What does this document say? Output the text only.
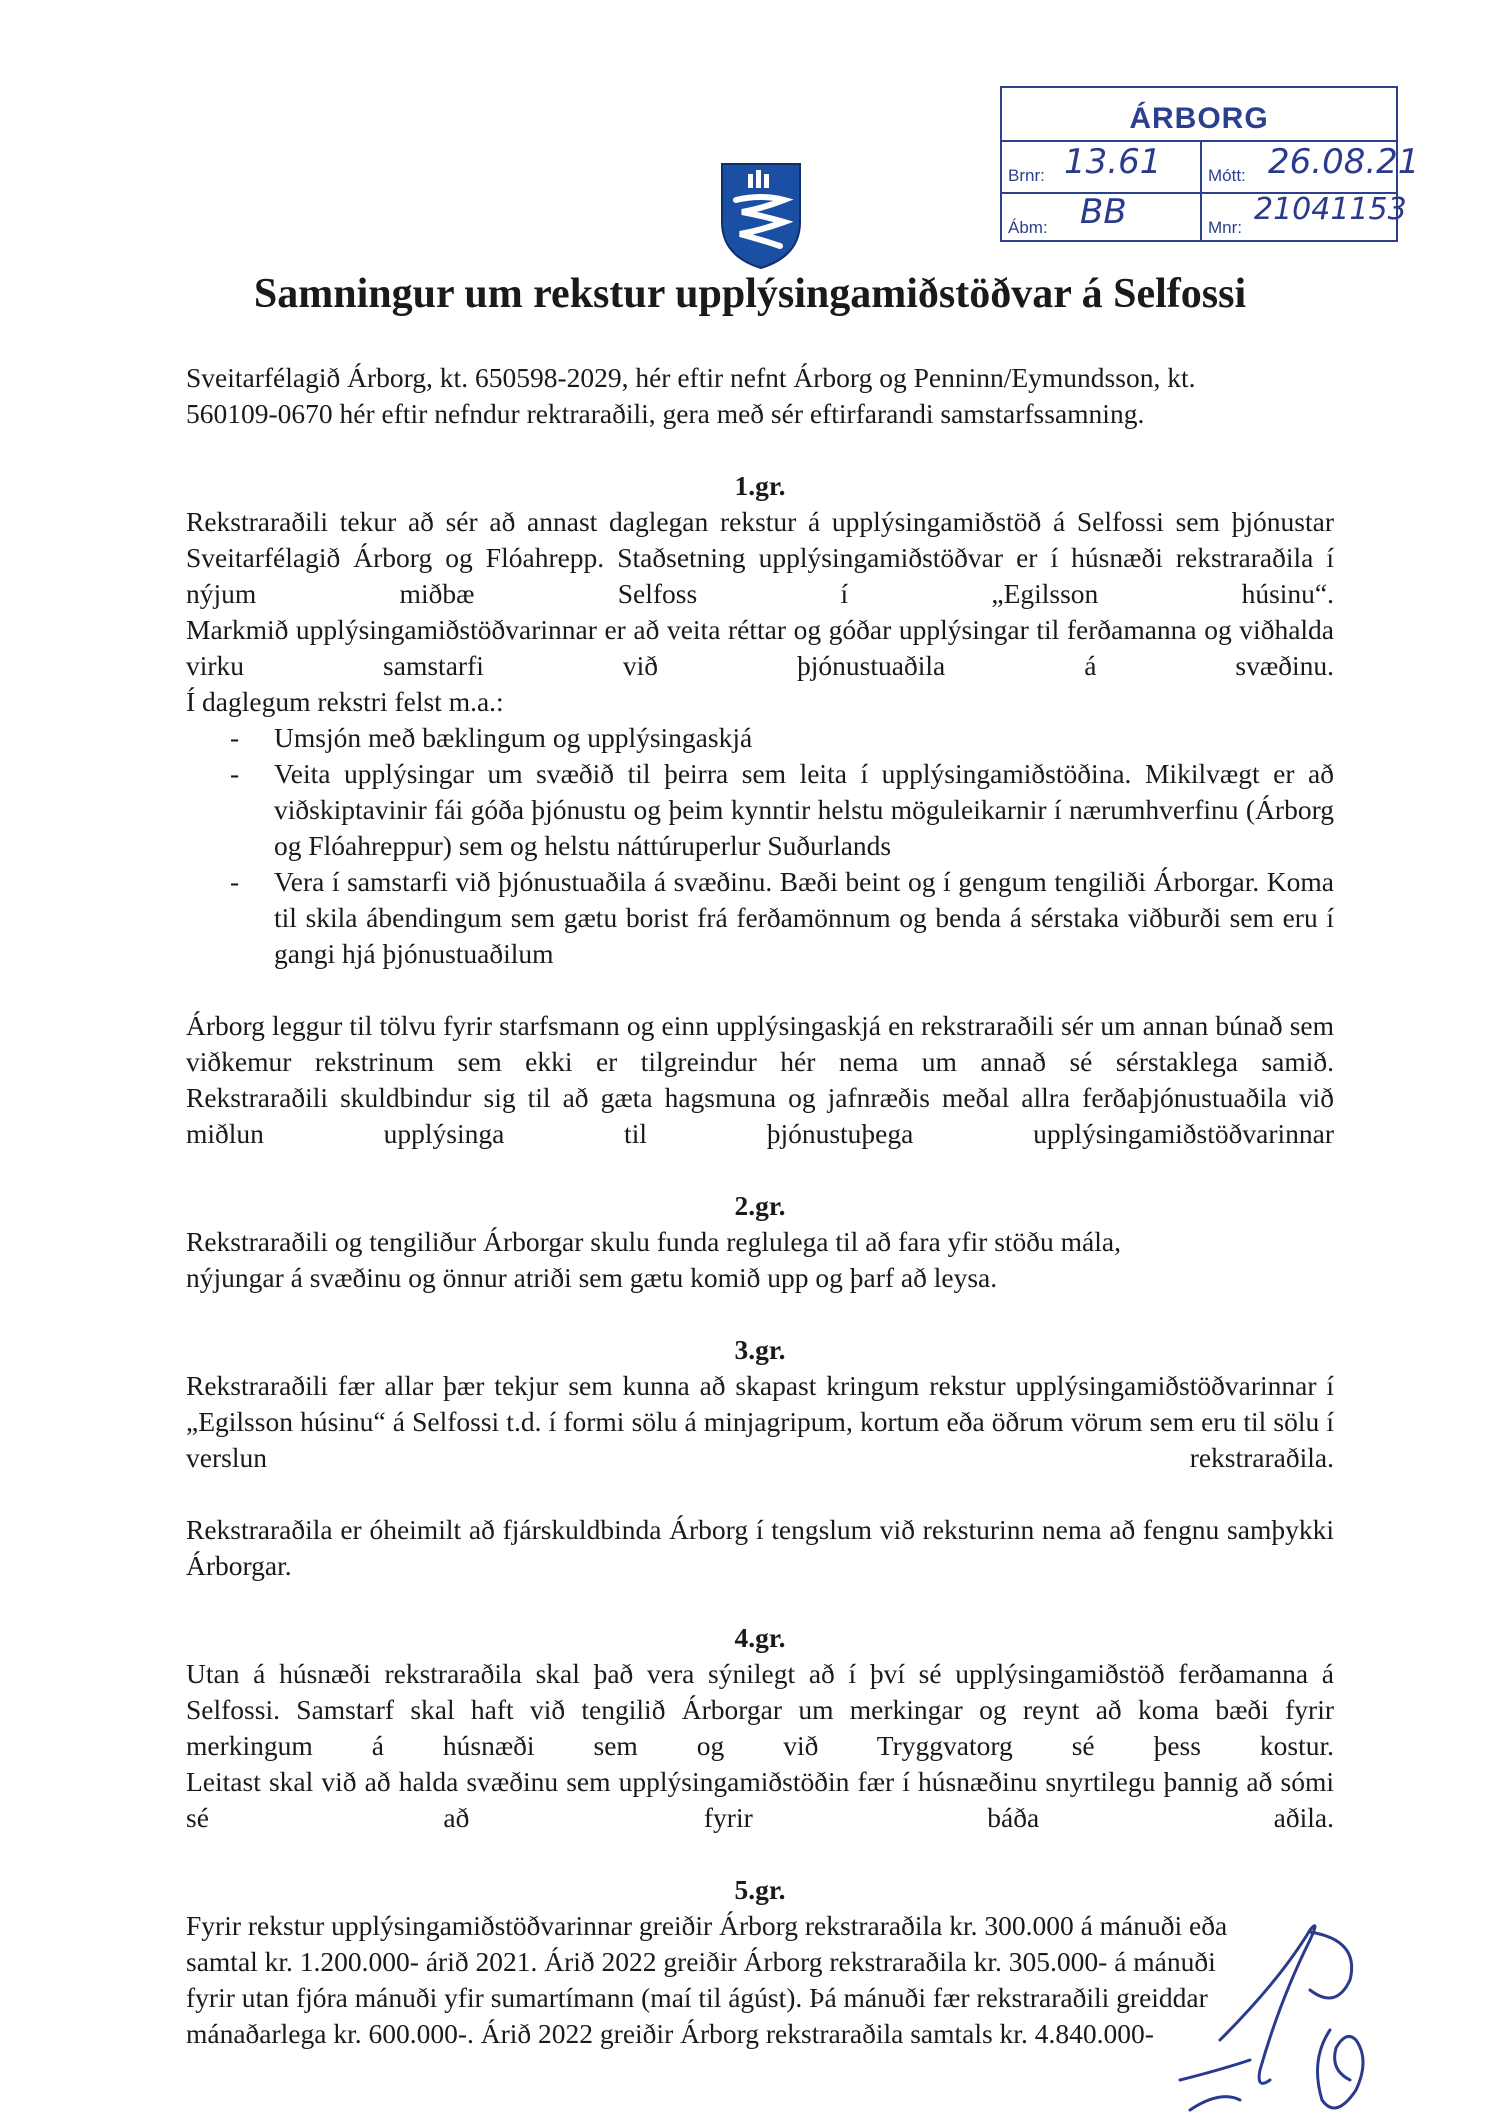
ÁRBORG
Brnr: 13.61	Mótt: 26.08.21
Ábm: BB	Mnr:
21041153
Samningur um rekstur upplýsingamiðstöðvar á Selfossi

Sveitarfélagið Árborg, kt. 650598-2029, hér eftir nefnt Árborg og Penninn/Eymundsson, kt.

560109-0670 hér eftir nefndur rektraraðili, gera með sér eftirfarandi samstarfssamning.

1.gr.

Rekstraraðili tekur að sér að annast daglegan rekstur á upplýsingamiðstöð á Selfossi sem þjónustar Sveitarfélagið Árborg og Flóahrepp. Staðsetning upplýsingamiðstöðvar er í húsnæði rekstraraðila í nýjum miðbæ Selfoss í „Egilsson húsinu“.

Markmið upplýsingamiðstöðvarinnar er að veita réttar og góðar upplýsingar til ferðamanna og viðhalda virku samstarfi við þjónustuaðila á svæðinu.

Í daglegum rekstri felst m.a.:

- Umsjón með bæklingum og upplýsingaskjá
- Veita upplýsingar um svæðið til þeirra sem leita í upplýsingamiðstöðina. Mikilvægt er að viðskiptavinir fái góða þjónustu og þeim kynntir helstu möguleikarnir í nærumhverfinu (Árborg og Flóahreppur) sem og helstu náttúruperlur Suðurlands
- Vera í samstarfi við þjónustuaðila á svæðinu. Bæði beint og í gengum tengiliði Árborgar. Koma til skila ábendingum sem gætu borist frá ferðamönnum og benda á sérstaka viðburði sem eru í gangi hjá þjónustuaðilum

Árborg leggur til tölvu fyrir starfsmann og einn upplýsingaskjá en rekstraraðili sér um annan búnað sem viðkemur rekstrinum sem ekki er tilgreindur hér nema um annað sé sérstaklega samið.

Rekstraraðili skuldbindur sig til að gæta hagsmuna og jafnræðis meðal allra ferðaþjónustuaðila við miðlun upplýsinga til þjónustuþega upplýsingamiðstöðvarinnar

2.gr.

Rekstraraðili og tengiliður Árborgar skulu funda reglulega til að fara yfir stöðu mála,

nýjungar á svæðinu og önnur atriði sem gætu komið upp og þarf að leysa.

3.gr.

Rekstraraðili fær allar þær tekjur sem kunna að skapast kringum rekstur upplýsingamiðstöðvarinnar í „Egilsson húsinu“ á Selfossi t.d. í formi sölu á minjagripum, kortum eða öðrum vörum sem eru til sölu í verslun rekstraraðila.

Rekstraraðila er óheimilt að fjárskuldbinda Árborg í tengslum við reksturinn nema að fengnu samþykki Árborgar.

4.gr.

Utan á húsnæði rekstraraðila skal það vera sýnilegt að í því sé upplýsingamiðstöð ferðamanna á Selfossi. Samstarf skal haft við tengilið Árborgar um merkingar og reynt að koma bæði fyrir merkingum á húsnæði sem og við Tryggvatorg sé þess kostur.

Leitast skal við að halda svæðinu sem upplýsingamiðstöðin fær í húsnæðinu snyrtilegu þannig að sómi sé að fyrir báða aðila.

5.gr.

Fyrir rekstur upplýsingamiðstöðvarinnar greiðir Árborg rekstraraðila kr. 300.000 á mánuði eða

samtal kr. 1.200.000- árið 2021. Árið 2022 greiðir Árborg rekstraraðila kr. 305.000- á mánuði

fyrir utan fjóra mánuði yfir sumartímann (maí til ágúst). Þá mánuði fær rekstraraðili greiddar

mánaðarlega kr. 600.000-. Árið 2022 greiðir Árborg rekstraraðila samtals kr. 4.840.000-
